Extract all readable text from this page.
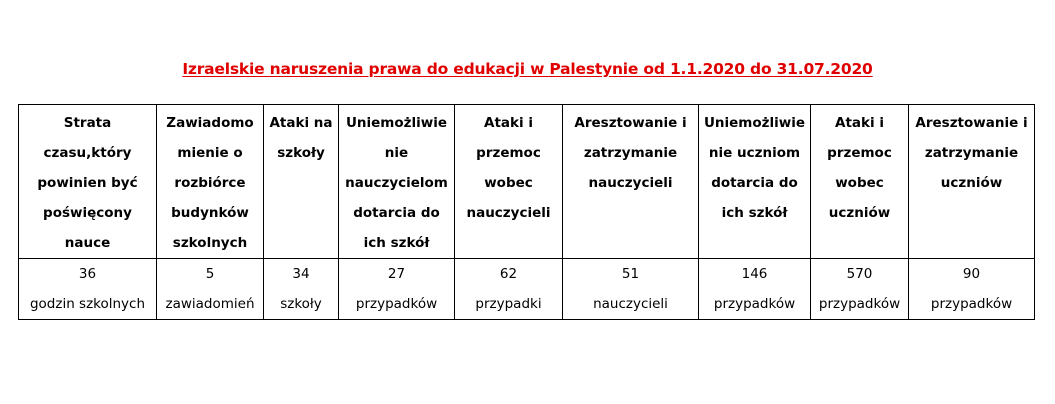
Izraelskie naruszenia prawa do edukacji w Palestynie od 1.1.2020 do 31.07.2020
Strata
czasu,który
powinien być
poświęcony
nauce	Zawiadomo
mienie o
rozbiórce
budynków
szkolnych	Ataki na
szkoły	Uniemożliwie
nie
nauczycielom
dotarcia do
ich szkół	Ataki i
przemoc
wobec
nauczycieli	Aresztowanie i
zatrzymanie
nauczycieli	Uniemożliwie
nie uczniom
dotarcia do
ich szkół	Ataki i
przemoc
wobec
uczniów	Aresztowanie i
zatrzymanie
uczniów

36
godzin szkolnych	5
zawiadomień	34
szkoły	27
przypadków	62
przypadki	51
nauczycieli	146
przypadków	570
przypadków	90
przypadków
